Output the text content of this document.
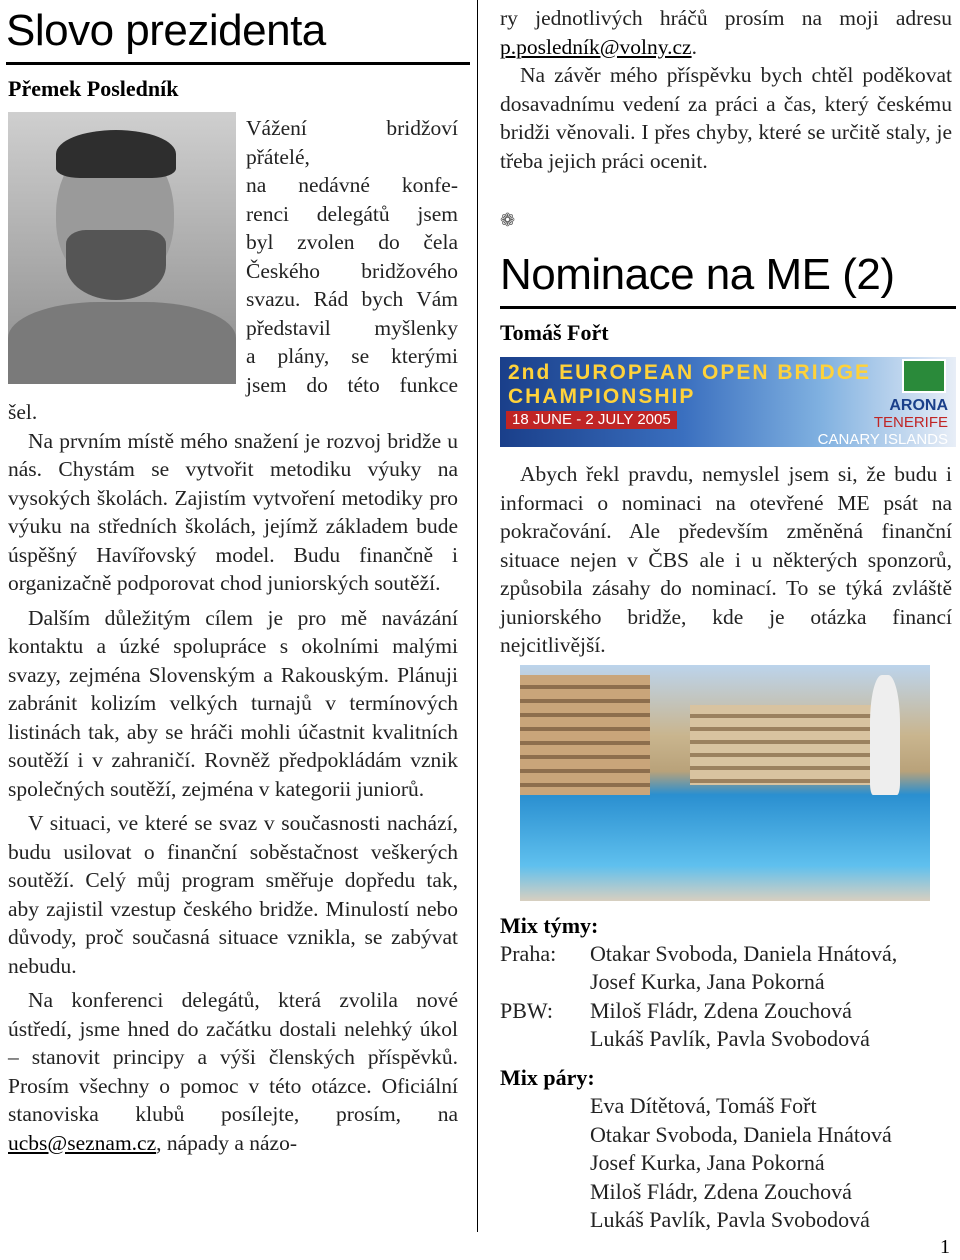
Slovo prezidenta
Přemek Posledník
Vážení bridžoví
přátelé,
na nedávné konfe-
renci delegátů jsem
byl zvolen do čela
Českého bridžového
svazu. Rád bych Vám
představil myšlenky
a plány, se kterými
jsem do této funkce

šel.

Na prvním místě mého snažení je rozvoj bridže u nás. Chystám se vytvořit metodiku výuky na vysokých školách. Zajistím vytvoření metodiky pro výuku na středních školách, jejímž základem bude úspěšný Havířovský model. Budu finančně i organizačně podporovat chod juniorských soutěží.

Dalším důležitým cílem je pro mě navázání kontaktu a úzké spolupráce s okolními malými svazy, zejména Slovenským a Rakouským. Plánuji zabránit kolizím velkých turnajů v termínových listinách tak, aby se hráči mohli účastnit kvalitních soutěží i v zahraničí. Rovněž předpokládám vznik společných soutěží, zejména v kategorii juniorů.

V situaci, ve které se svaz v současnosti nachází, budu usilovat o finanční soběstačnost veškerých soutěží. Celý můj program směřuje dopředu tak, aby zajistil vzestup českého bridže. Minulostí nebo důvody, proč současná situace vznikla, se zabývat nebudu.

Na konferenci delegátů, která zvolila nové ústředí, jsme hned do začátku dostali nelehký úkol – stanovit principy a výši členských příspěvků. Prosím všechny o pomoc v této otázce. Oficiální stanoviska klubů posílejte, prosím, na ucbs@seznam.cz, nápady a názo-

ry jednotlivých hráčů prosím na moji adresu p.posledník@volny.cz.

Na závěr mého příspěvku bych chtěl poděkovat dosavadnímu vedení za práci a čas, který českému bridži věnovali. I přes chyby, které se určitě staly, je třeba jejich práci ocenit.

❁
Nominace na ME (2)
Tomáš Fořt
2nd EUROPEAN OPEN BRIDGE
CHAMPIONSHIP
18 JUNE - 2 JULY 2005
ARONA
TENERIFE
CANARY ISLANDS

Abych řekl pravdu, nemyslel jsem si, že budu i informaci o nominaci na otevřené ME psát na pokračování. Ale především změněná finanční situace nejen v ČBS ale i u některých sponzorů, způsobila zásahy do nominací. To se týká zvláště juniorského bridže, kde je otázka financí nejcitlivější.

Mix týmy:
Praha: Otakar Svoboda, Daniela Hnátová,
Josef Kurka, Jana Pokorná
PBW: Miloš Fládr, Zdena Zouchová
Lukáš Pavlík, Pavla Svobodová
Mix páry:
Eva Dítětová, Tomáš Fořt
Otakar Svoboda, Daniela Hnátová
Josef Kurka, Jana Pokorná
Miloš Fládr, Zdena Zouchová
Lukáš Pavlík, Pavla Svobodová
1
